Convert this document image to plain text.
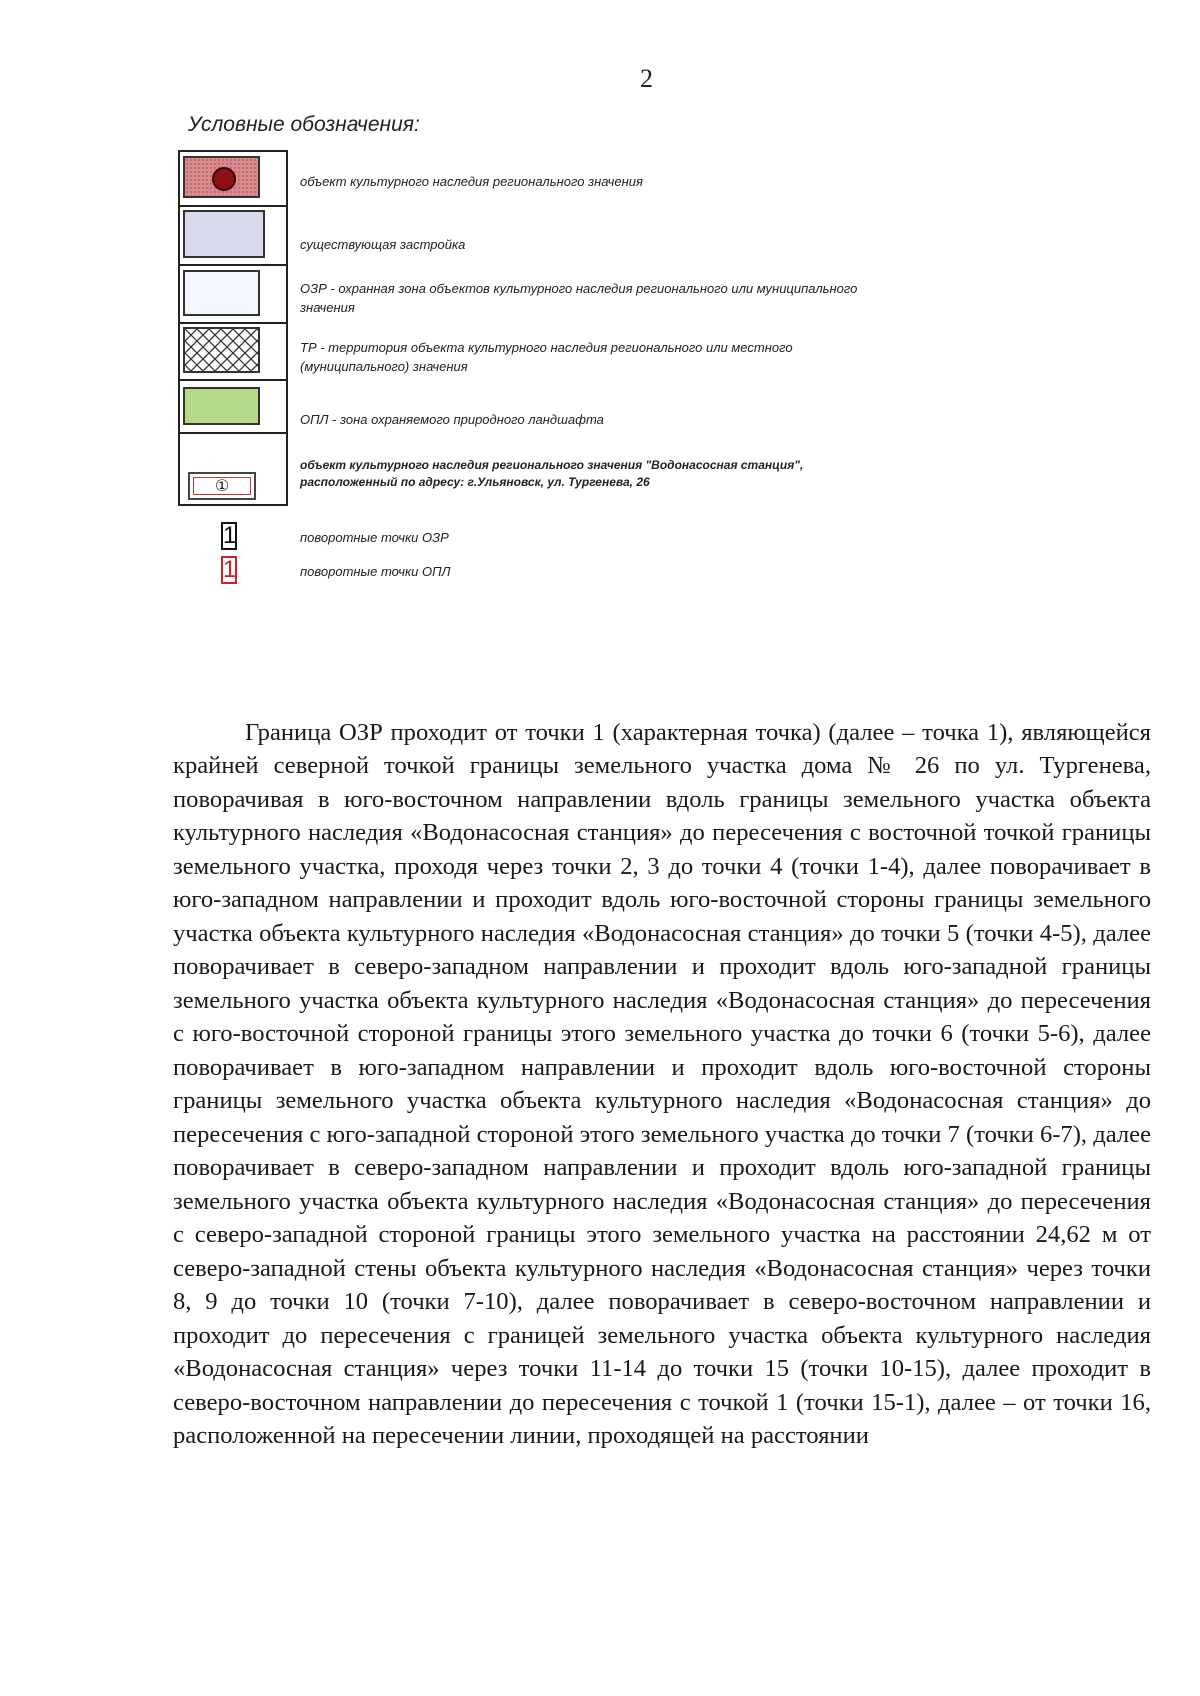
2
Условные обозначения:
①
объект культурного наследия регионального значения
существующая застройка
ОЗР - охранная зона объектов культурного наследия регионального или муниципального значения
ТР - территория объекта культурного наследия регионального или местного (муниципального) значения
ОПЛ - зона охраняемого природного ландшафта
объект культурного наследия регионального значения "Водонасосная станция", расположенный по адресу: г.Ульяновск, ул. Тургенева, 26
1	поворотные точки ОЗР
1	поворотные точки ОПЛ

Граница ОЗР проходит от точки 1 (характерная точка) (далее – точка 1), являющейся крайней северной точкой границы земельного участка дома № 26 по ул. Тургенева, поворачивая в юго-восточном направлении вдоль границы земельного участка объекта культурного наследия «Водонасосная станция» до пересечения с восточной точкой границы земельного участка, проходя через точки 2, 3 до точки 4 (точки 1-4), далее поворачивает в юго-западном направлении и проходит вдоль юго-восточной стороны границы земельного участка объекта культурного наследия «Водонасосная станция» до точки 5 (точки 4-5), далее поворачивает в северо-западном направлении и проходит вдоль юго-западной границы земельного участка объекта культурного наследия «Водонасосная станция» до пересечения с юго-восточной стороной границы этого земельного участка до точки 6 (точки 5-6), далее поворачивает в юго-западном направлении и проходит вдоль юго-восточной стороны границы земельного участка объекта культурного наследия «Водонасосная станция» до пересечения с юго-западной стороной этого земельного участка до точки 7 (точки 6-7), далее поворачивает в северо-западном направлении и проходит вдоль юго-западной границы земельного участка объекта культурного наследия «Водонасосная станция» до пересечения с северо-западной стороной границы этого земельного участка на расстоянии 24,62 м от северо-западной стены объекта культурного наследия «Водонасосная станция» через точки 8, 9 до точки 10 (точки 7-10), далее поворачивает в северо-восточном направлении и проходит до пересечения с границей земельного участка объекта культурного наследия «Водонасосная станция» через точки 11-14 до точки 15 (точки 10-15), далее проходит в северо-восточном направлении до пересечения с точкой 1 (точки 15-1), далее – от точки 16, расположенной на пересечении линии, проходящей на расстоянии
